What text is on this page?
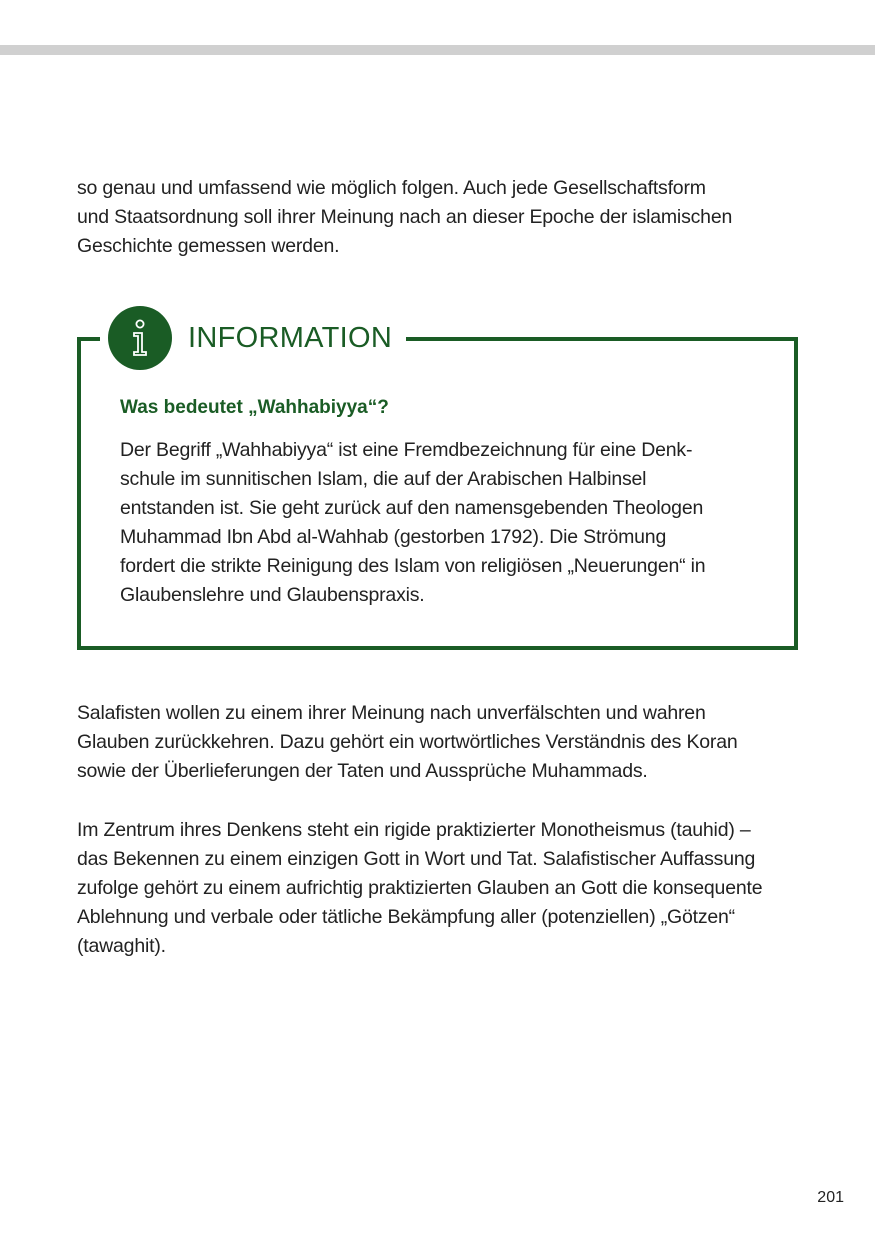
so genau und umfassend wie möglich folgen. Auch jede Gesellschaftsform
und Staatsordnung soll ihrer Meinung nach an dieser Epoche der islamischen
Geschichte gemessen werden.
INFORMATION
Was bedeutet „Wahhabiyya“?
Der Begriff „Wahhabiyya“ ist eine Fremdbezeichnung für eine Denk-
schule im sunnitischen Islam, die auf der Arabischen Halbinsel
entstanden ist. Sie geht zurück auf den namensgebenden Theologen
Muhammad Ibn Abd al-Wahhab (gestorben 1792). Die Strömung
fordert die strikte Reinigung des Islam von religiösen „Neuerungen“ in
Glaubenslehre und Glaubenspraxis.
Salafisten wollen zu einem ihrer Meinung nach unverfälschten und wahren
Glauben zurückkehren. Dazu gehört ein wortwörtliches Verständnis des Koran
sowie der Überlieferungen der Taten und Aussprüche Muhammads.
Im Zentrum ihres Denkens steht ein rigide praktizierter Monotheismus (tauhid) –
das Bekennen zu einem einzigen Gott in Wort und Tat. Salafistischer Auffassung
zufolge gehört zu einem aufrichtig praktizierten Glauben an Gott die konsequente
Ablehnung und verbale oder tätliche Bekämpfung aller (potenziellen) „Götzen“
(tawaghit).
201
